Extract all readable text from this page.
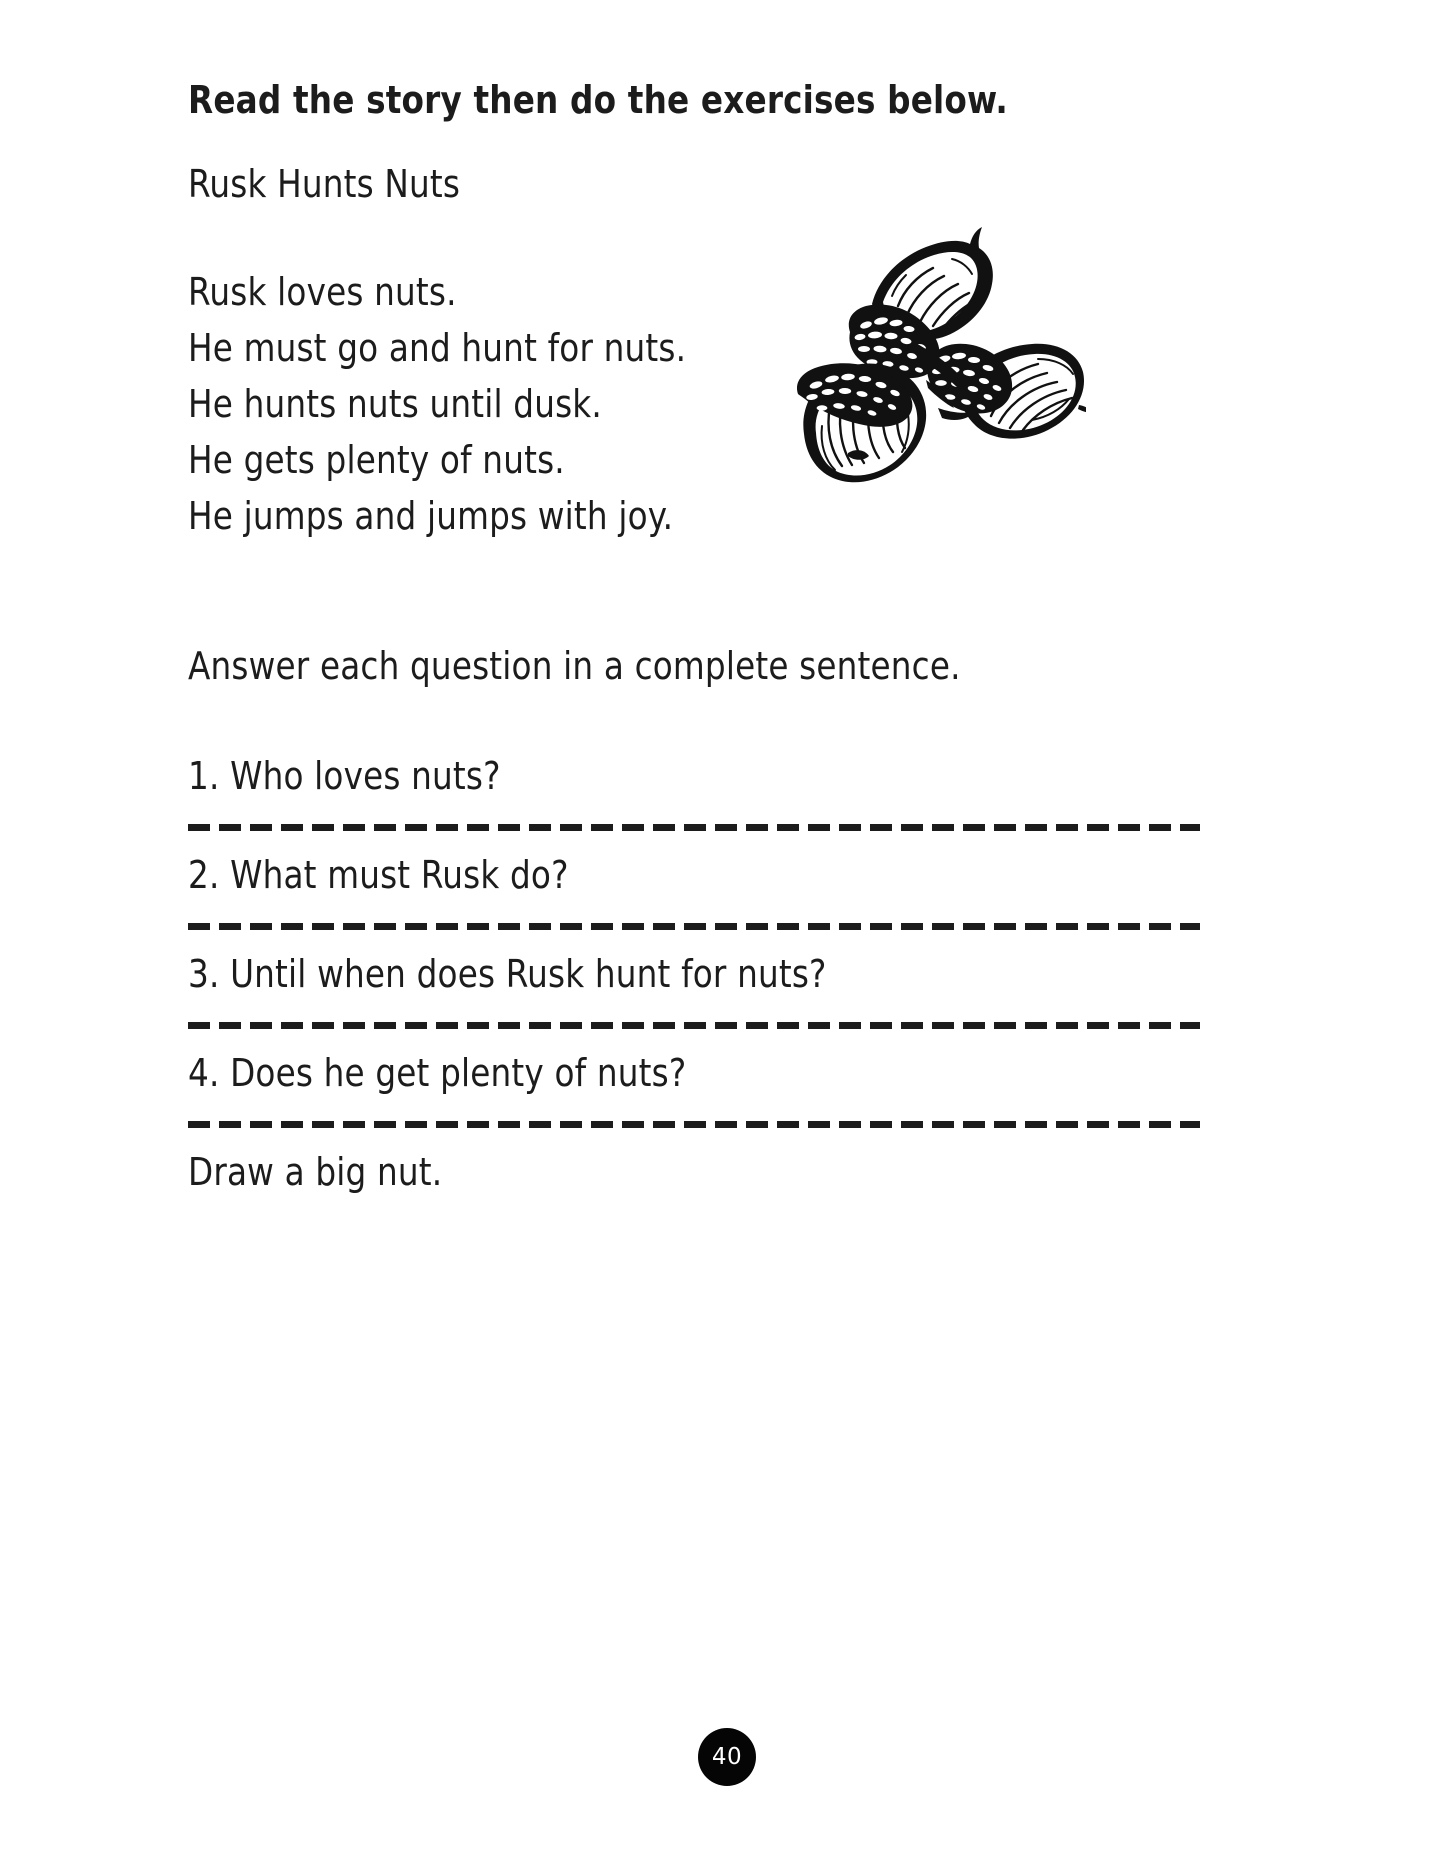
Read the story then do the exercises below.

Rusk Hunts Nuts

Rusk loves nuts.

He must go and hunt for nuts.

He hunts nuts until dusk.

He gets plenty of nuts.

He jumps and jumps with joy.

Answer each question in a complete sentence.

1. Who loves nuts?

2. What must Rusk do?

3. Until when does Rusk hunt for nuts?

4. Does he get plenty of nuts?

Draw a big nut.

40
